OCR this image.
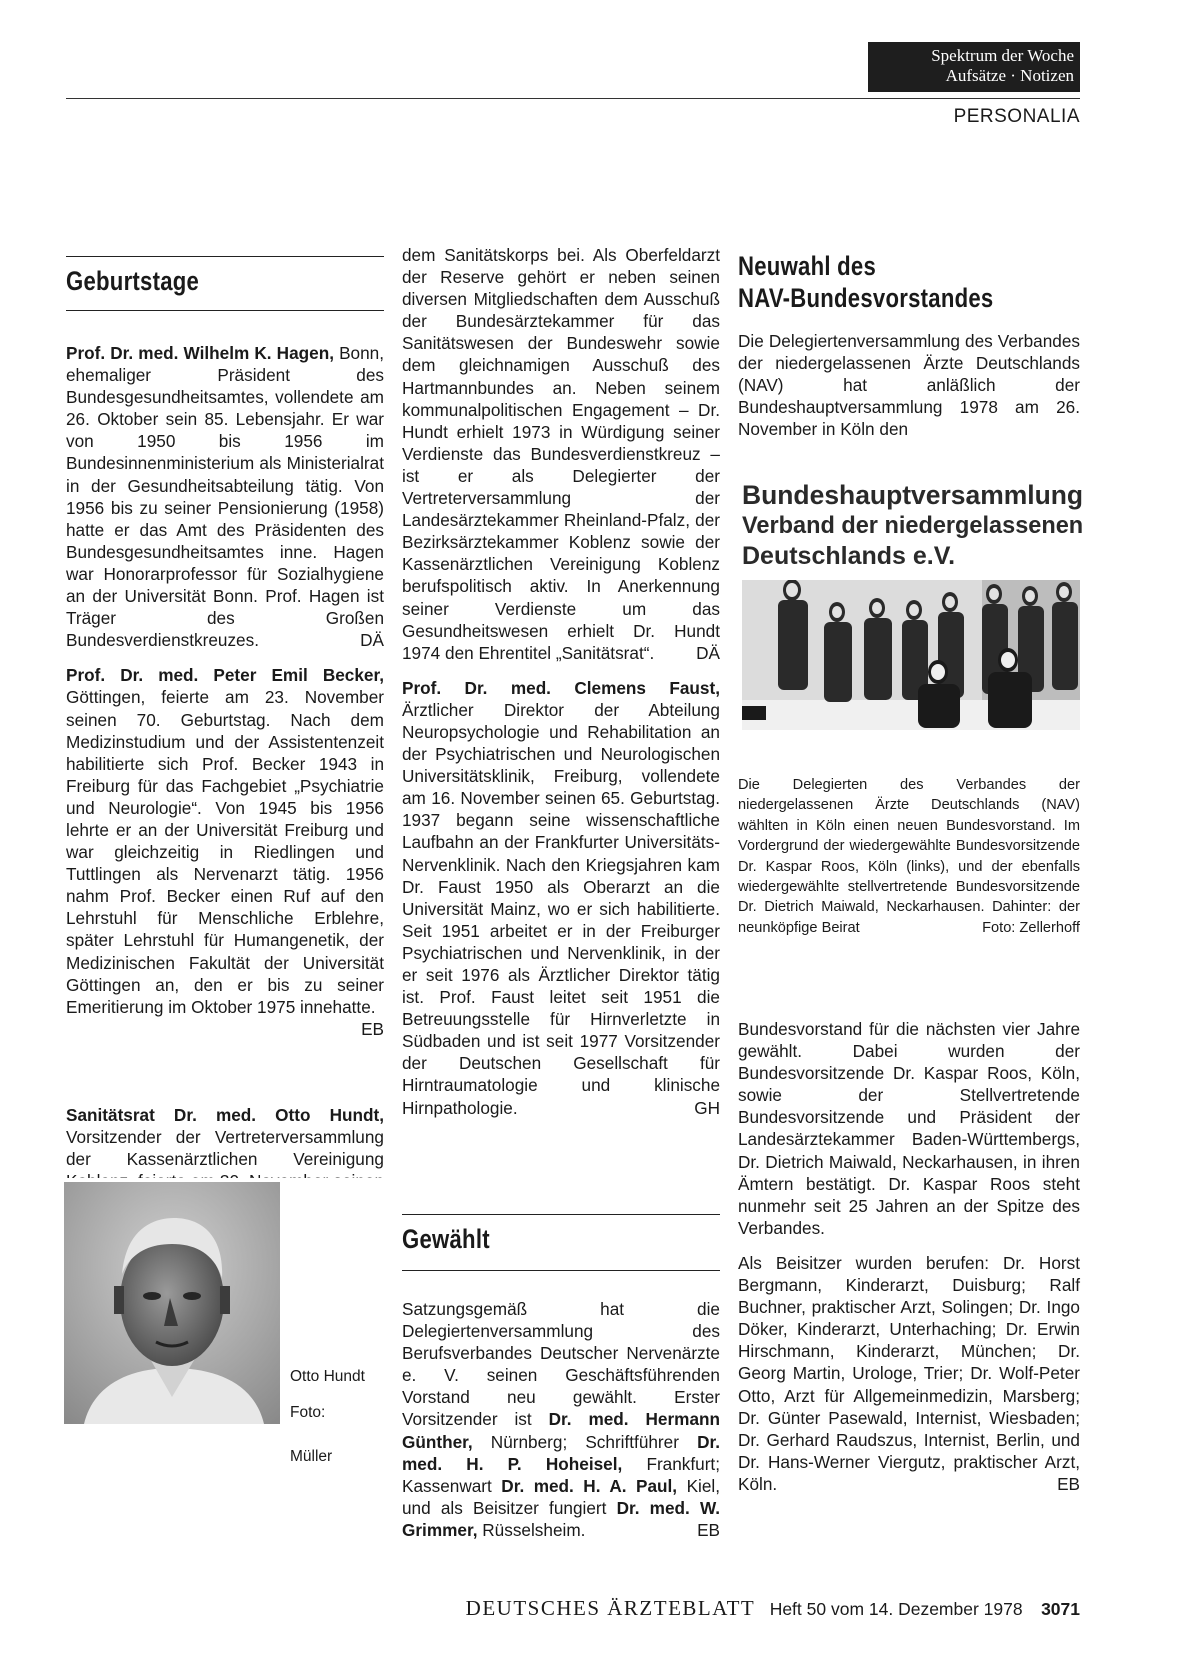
Spektrum der Woche
Aufsätze · Notizen
PERSONALIA
Geburtstage

Prof. Dr. med. Wilhelm K. Hagen, Bonn, ehemaliger Präsident des Bundesgesundheitsamtes, vollendete am 26. Oktober sein 85. Lebensjahr. Er war von 1950 bis 1956 im Bundesinnenministerium als Ministerialrat in der Gesundheitsabteilung tätig. Von 1956 bis zu seiner Pensionierung (1958) hatte er das Amt des Präsidenten des Bundesgesundheitsamtes inne. Hagen war Honorarprofessor für Sozialhygiene an der Universität Bonn. Prof. Hagen ist Träger des Großen Bundesverdienstkreuzes.	DÄ

Prof. Dr. med. Peter Emil Becker, Göttingen, feierte am 23. November seinen 70. Geburtstag. Nach dem Medizinstudium und der Assistentenzeit habilitierte sich Prof. Becker 1943 in Freiburg für das Fachgebiet „Psychiatrie und Neurologie“. Von 1945 bis 1956 lehrte er an der Universität Freiburg und war gleichzeitig in Riedlingen und Tuttlingen als Nervenarzt tätig. 1956 nahm Prof. Becker einen Ruf auf den Lehrstuhl für Menschliche Erblehre, später Lehrstuhl für Humangenetik, der Medizinischen Fakultät der Universität Göttingen an, den er bis zu seiner Emeritierung im Oktober 1975 innehatte.
EB

Sanitätsrat Dr. med. Otto Hundt, Vorsitzender der Vertreterversammlung der Kassenärztlichen Vereinigung

Otto Hundt
Foto:
Müller

dem Sanitätskorps bei. Als Oberfeldarzt der Reserve gehört er neben seinen diversen Mitgliedschaften dem Ausschuß der Bundesärztekammer für das Sanitätswesen der Bundeswehr sowie dem gleichnamigen Ausschuß des Hartmannbundes an. Neben seinem kommunalpolitischen Engagement – Dr. Hundt erhielt 1973 in Würdigung seiner Verdienste das Bundesverdienstkreuz – ist er als Delegierter der Vertreterversammlung der Landesärztekammer Rheinland-Pfalz, der Bezirksärztekammer Koblenz sowie der Kassenärztlichen Vereinigung Koblenz berufspolitisch aktiv. In Anerkennung seiner Verdienste um das Gesundheitswesen erhielt Dr. Hundt 1974 den Ehrentitel „Sanitätsrat“. DÄ

Prof. Dr. med. Clemens Faust, Ärztlicher Direktor der Abteilung Neuropsychologie und Rehabilitation an der Psychiatrischen und Neurologischen Universitätsklinik, Freiburg, vollendete am 16. November seinen 65. Geburtstag. 1937 begann seine wissenschaftliche Laufbahn an der Frankfurter Universitäts-Nervenklinik. Nach den Kriegsjahren kam Dr. Faust 1950 als Oberarzt an die Universität Mainz, wo er sich habilitierte. Seit 1951 arbeitet er in der Freiburger Psychiatrischen und Nervenklinik, in der er seit 1976 als Ärztlicher Direktor tätig ist. Prof. Faust leitet seit 1951 die Betreuungsstelle für Hirnverletzte in Südbaden und ist seit 1977 Vorsitzender der Deutschen Gesellschaft für Hirntraumatologie und klinische Hirnpathologie.	GH

Gewählt

Satzungsgemäß hat die Delegiertenversammlung des Berufsverbandes Deutscher Nervenärzte e. V. seinen Geschäftsführenden Vorstand neu gewählt. Erster Vorsitzender ist Dr. med. Hermann Günther, Nürnberg; Schriftführer Dr. med. H. P. Hoheisel, Frankfurt; Kassenwart Dr. med. H. A. Paul, Kiel, und als Beisitzer fungiert Dr. med. W. Grimmer, Rüsselsheim.	EB

Neuwahl des
NAV-Bundesvorstandes

Die Delegiertenversammlung des Verbandes der niedergelassenen Ärzte Deutschlands (NAV) hat anläßlich der Bundeshauptversammlung 1978 am 26. November in Köln den

Bundeshauptversammlung
Verband der niedergelassenen
Deutschlands e.V.
Die Delegierten des Verbandes der niedergelassenen Ärzte Deutschlands (NAV) wählten in Köln einen neuen Bundesvorstand. Im Vordergrund der wiedergewählte Bundesvorsitzende Dr. Kaspar Roos, Köln (links), und der ebenfalls wiedergewählte stellvertretende Bundesvorsitzende Dr. Dietrich Maiwald, Neckarhausen. Dahinter: der neunköpfige Beirat	Foto: Zellerhoff

Bundesvorstand für die nächsten vier Jahre gewählt. Dabei wurden der Bundesvorsitzende Dr. Kaspar Roos, Köln, sowie der Stellvertretende Bundesvorsitzende und Präsident der Landesärztekammer Baden-Württembergs, Dr. Dietrich Maiwald, Neckarhausen, in ihren Ämtern bestätigt. Dr. Kaspar Roos steht nunmehr seit 25 Jahren an der Spitze des Verbandes.

Als Beisitzer wurden berufen: Dr. Horst Bergmann, Kinderarzt, Duisburg; Ralf Buchner, praktischer Arzt, Solingen; Dr. Ingo Döker, Kinderarzt, Unterhaching; Dr. Erwin Hirschmann, Kinderarzt, München; Dr. Georg Martin, Urologe, Trier; Dr. Wolf-Peter Otto, Arzt für Allgemeinmedizin, Marsberg; Dr. Günter Pasewald, Internist, Wiesbaden; Dr. Gerhard Raudszus, Internist, Berlin, und Dr. Hans-Werner Viergutz, praktischer Arzt, Köln.	EB

DEUTSCHES ÄRZTEBLATT Heft 50 vom 14. Dezember 1978 3071
